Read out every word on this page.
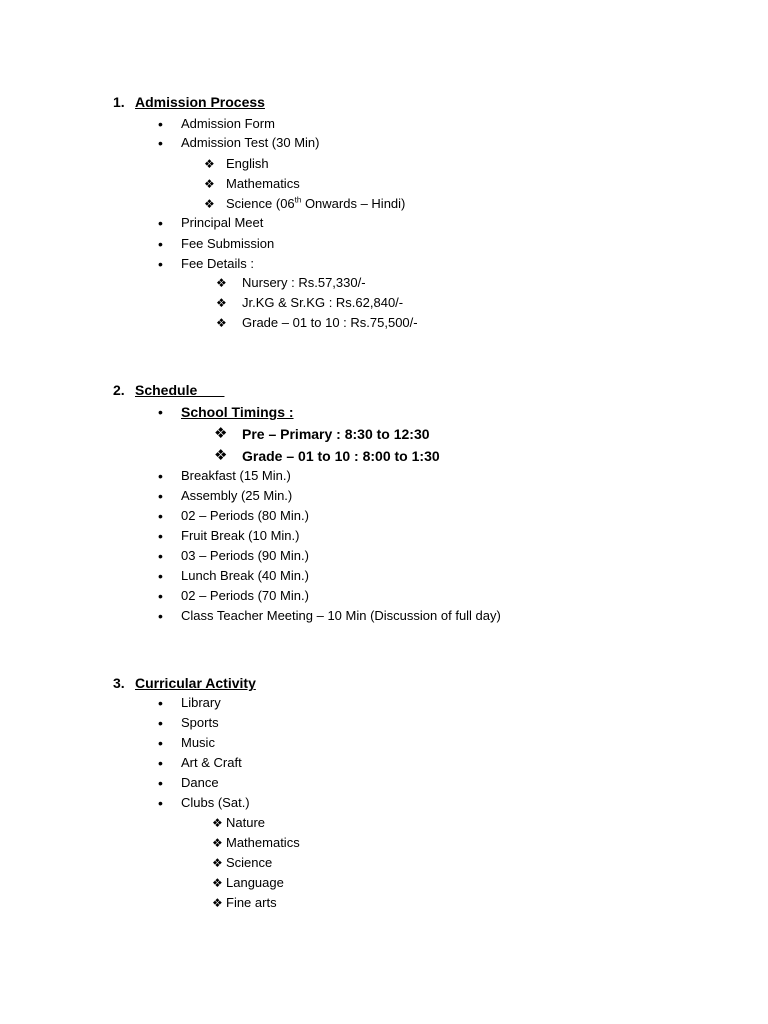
1. Admission Process
• Admission Form
• Admission Test (30 Min)
❖ English
❖ Mathematics
❖ Science (06th Onwards – Hindi)
• Principal Meet
• Fee Submission
• Fee Details :
❖ Nursery : Rs.57,330/-
❖ Jr.KG & Sr.KG : Rs.62,840/-
❖ Grade – 01 to 10 : Rs.75,500/-
2. Schedule
• School Timings :
❖ Pre – Primary : 8:30 to 12:30
❖ Grade – 01 to 10 : 8:00 to 1:30
• Breakfast (15 Min.)
• Assembly (25 Min.)
• 02 – Periods (80 Min.)
• Fruit Break (10 Min.)
• 03 – Periods (90 Min.)
• Lunch Break (40 Min.)
• 02 – Periods (70 Min.)
• Class Teacher Meeting – 10 Min (Discussion of full day)
3. Curricular Activity
• Library
• Sports
• Music
• Art & Craft
• Dance
• Clubs (Sat.)
❖ Nature
❖ Mathematics
❖ Science
❖ Language
❖ Fine arts
